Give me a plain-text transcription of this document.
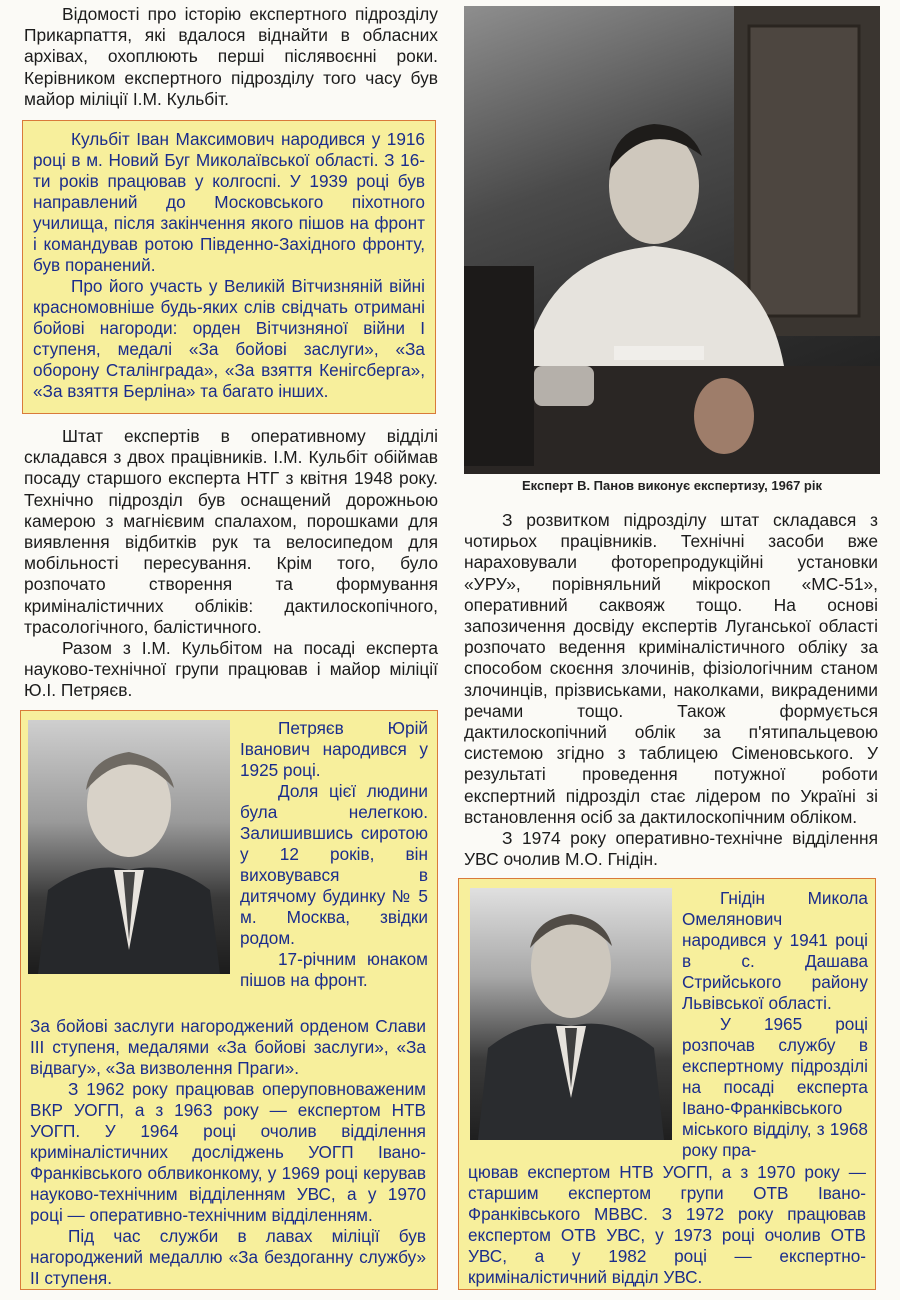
Відомості про історію експертного підрозділу Прикарпаття, які вдалося віднайти в обласних архівах, охоплюють перші післявоєнні роки. Керівником експертного підрозділу того часу був майор міліції І.М. Кульбіт.

Кульбіт Іван Максимович народився у 1916 році в м. Новий Буг Миколаївської області. З 16-ти років працював у колгоспі. У 1939 році був направлений до Московського піхотного училища, після закінчення якого пішов на фронт і командував ротою Південно-Західного фронту, був поранений.

Про його участь у Великій Вітчизняній війні красномовніше будь-яких слів свідчать отримані бойові нагороди: орден Вітчизняної війни І ступеня, медалі «За бойові заслуги», «За оборону Сталінграда», «За взяття Кенігсберга», «За взяття Берліна» та багато інших.

Штат експертів в оперативному відділі складався з двох працівників. І.М. Кульбіт обіймав посаду старшого експерта НТГ з квітня 1948 року. Технічно підрозділ був оснащений дорожньою камерою з магнієвим спалахом, порошками для виявлення відбитків рук та велосипедом для мобільності пересування. Крім того, було розпочато створення та формування криміналістичних обліків: дактилоскопічного, трасологічного, балістичного.

Разом з І.М. Кульбітом на посаді експерта науково-технічної групи працював і майор міліції Ю.І. Петряєв.

Петряєв Юрій Іванович народився у 1925 році.

Доля цієї людини була нелегкою. Залишившись сиротою у 12 років, він виховувався в дитячому будинку № 5 м. Москва, звідки родом.

17-річним юнаком пішов на фронт.

За бойові заслуги нагороджений орденом Слави ІІІ ступеня, медалями «За бойові заслуги», «За відвагу», «За визволення Праги».

З 1962 року працював оперуповноваженим ВКР УОГП, а з 1963 року — експертом НТВ УОГП. У 1964 році очолив відділення криміналістичних досліджень УОГП Івано-Франківського облвиконкому, у 1969 році керував науково-технічним відділенням УВС, а у 1970 році — оперативно-технічним відділенням.

Під час служби в лавах міліції був нагороджений медаллю «За бездоганну службу» ІІ ступеня.

Експерт В. Панов виконує експертизу, 1967 рік

З розвитком підрозділу штат складався з чотирьох працівників. Технічні засоби вже нараховували фоторепродукційні установки «УРУ», порівняльний мікроскоп «МС-51», оперативний саквояж тощо. На основі запозичення досвіду експертів Луганської області розпочато ведення криміналістичного обліку за способом скоєння злочинів, фізіологічним станом злочинців, прізвиськами, наколками, викраденими речами тощо. Також формується дактилоскопічний облік за п'ятипальцевою системою згідно з таблицею Сіменовського. У результаті проведення потужної роботи експертний підрозділ стає лідером по Україні зі встановлення осіб за дактилоскопічним обліком.

З 1974 року оперативно-технічне відділення УВС очолив М.О. Гнідін.

Гнідін Микола Омелянович народився у 1941 році в с. Дашава Стрийського району Львівської області.

У 1965 році розпочав службу в експертному підрозділі на посаді експерта Івано-Франківського міського відділу, з 1968 року пра-

цював експертом НТВ УОГП, а з 1970 року — старшим експертом групи ОТВ Івано-Франківського МВВС. З 1972 року працював експертом ОТВ УВС, у 1973 році очолив ОТВ УВС, а у 1982 році — експертно-криміналістичний відділ УВС.
